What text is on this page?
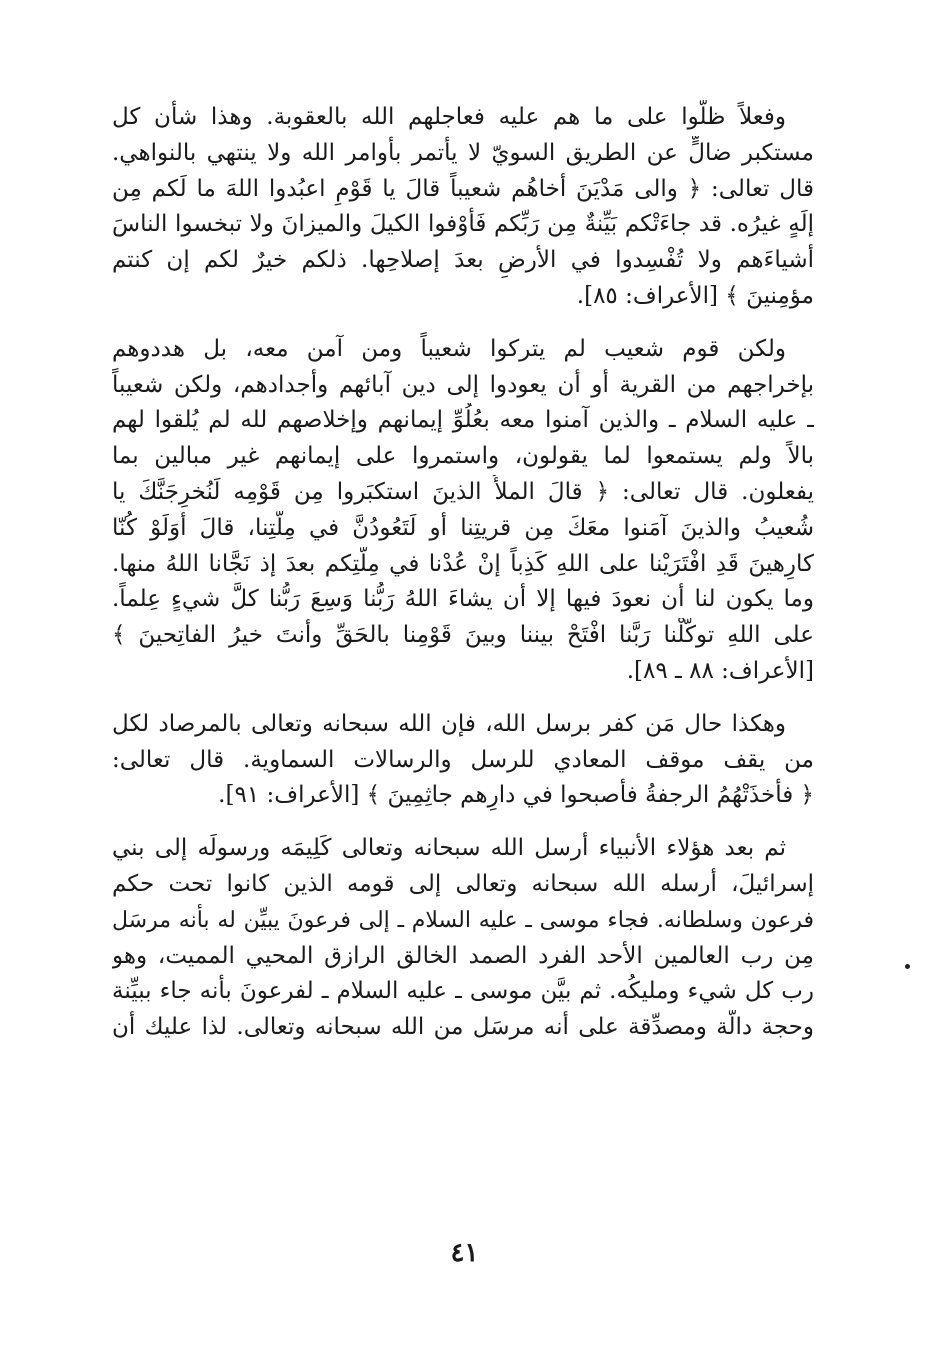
وفعلاً ظلُّوا على ما هم عليه فعاجلهم الله بالعقوبة. وهذا شأن كل
مستكبر ضالٍّ عن الطريق السويّ لا يأتمر بأوامر الله ولا ينتهي بالنواهي.
قال تعالى: ﴿ والى مَدْيَنَ أخاهُم شعيباً قالَ يا قَوْمِ اعبُدوا اللهَ ما لَكم مِن
إلَهٍ غيرُه. قد جاءَتْكم بَيِّنةٌ مِن رَبِّكم فَأَوْفوا الكيلَ والميزانَ ولا تبخسوا الناسَ
أشياءَهم ولا تُفْسِدوا في الأرضِ بعدَ إصلاحِها. ذلكم خيرٌ لكم إن كنتم
مؤمِنينَ ﴾ [الأعراف: ٨٥].
ولكن قوم شعيب لم يتركوا شعيباً ومن آمن معه، بل هددوهم
بإخراجهم من القرية أو أن يعودوا إلى دين آبائهم وأجدادهم، ولكن شعيباً
ـ عليه السلام ـ والذين آمنوا معه بعُلُوِّ إيمانهم وإخلاصهم لله لم يُلقوا لهم
بالاً ولم يستمعوا لما يقولون، واستمروا على إيمانهم غير مبالين بما
يفعلون. قال تعالى: ﴿ قالَ الملأُ الذينَ استكبَروا مِن قَوْمِه لَنُخرِجَنَّكَ يا
شُعيبُ والذينَ آمَنوا معَكَ مِن قريتِنا أو لَتَعُودُنَّ في مِلَّتِنا، قالَ أَوَلَوْ كُنّا
كارِهينَ قَدِ افْتَرَيْنا على اللهِ كَذِباً إنْ عُدْنا في مِلَّتِكم بعدَ إذ نَجَّانا اللهُ منها.
وما يكون لنا أن نعودَ فيها إلا أن يشاءَ اللهُ رَبُّنا وَسِعَ رَبُّنا كلَّ شيءٍ عِلماً.
على اللهِ توكَّلْنا رَبَّنا افْتَحْ بيننا وبينَ قَوْمِنا بالحَقِّ وأنتَ خيرُ الفاتِحينَ ﴾
[الأعراف: ٨٨ ـ ٨٩].
وهكذا حال مَن كفر برسل الله، فإن الله سبحانه وتعالى بالمرصاد لكل
من يقف موقف المعادي للرسل والرسالات السماوية. قال تعالى:
﴿ فأخذَتْهُمُ الرجفةُ فأصبحوا في دارِهم جاثِمِينَ ﴾ [الأعراف: ٩١].
ثم بعد هؤلاء الأنبياء أرسل الله سبحانه وتعالى كَلِيمَه ورسولَه إلى بني
إسرائيلَ، أرسله الله سبحانه وتعالى إلى قومه الذين كانوا تحت حكم
فرعون وسلطانه. فجاء موسى ـ عليه السلام ـ إلى فرعونَ يبيِّن له بأنه مرسَل
مِن رب العالمين الأحد الفرد الصمد الخالق الرازق المحيي المميت، وهو
رب كل شيء ومليكُه. ثم بيَّن موسى ـ عليه السلام ـ لفرعونَ بأنه جاء ببيِّنة
وحجة دالّة ومصدِّقة على أنه مرسَل من الله سبحانه وتعالى. لذا عليك أن
٤١
